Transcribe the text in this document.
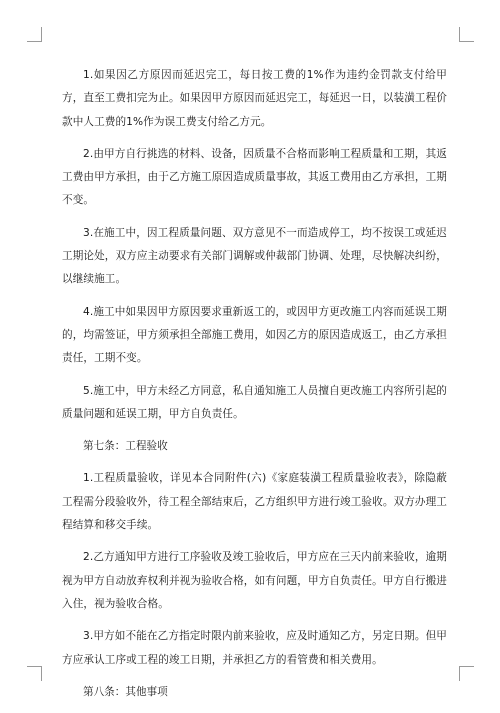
1.如果因乙方原因而延迟完工，每日按工费的1%作为违约金罚款支付给甲方，直至工费扣完为止。如果因甲方原因而延迟完工，每延迟一日，以装潢工程价款中人工费的1%作为误工费支付给乙方元。

2.由甲方自行挑选的材料、设备，因质量不合格而影响工程质量和工期，其返工费由甲方承担，由于乙方施工原因造成质量事故，其返工费用由乙方承担，工期不变。

3.在施工中，因工程质量问题、双方意见不一而造成停工，均不按误工或延迟工期论处，双方应主动要求有关部门调解或仲裁部门协调、处理，尽快解决纠纷，以继续施工。

4.施工中如果因甲方原因要求重新返工的，或因甲方更改施工内容而延误工期的，均需签证，甲方须承担全部施工费用，如因乙方的原因造成返工，由乙方承担责任，工期不变。

5.施工中，甲方未经乙方同意，私自通知施工人员擅自更改施工内容所引起的质量问题和延误工期，甲方自负责任。

第七条：工程验收

1.工程质量验收，详见本合同附件(六)《家庭装潢工程质量验收表》，除隐蔽工程需分段验收外，待工程全部结束后，乙方组织甲方进行竣工验收。双方办理工程结算和移交手续。

2.乙方通知甲方进行工序验收及竣工验收后，甲方应在三天内前来验收，逾期视为甲方自动放弃权利并视为验收合格，如有问题，甲方自负责任。甲方自行搬进入住，视为验收合格。

3.甲方如不能在乙方指定时限内前来验收，应及时通知乙方，另定日期。但甲方应承认工序或工程的竣工日期，并承担乙方的看管费和相关费用。

第八条：其他事项
